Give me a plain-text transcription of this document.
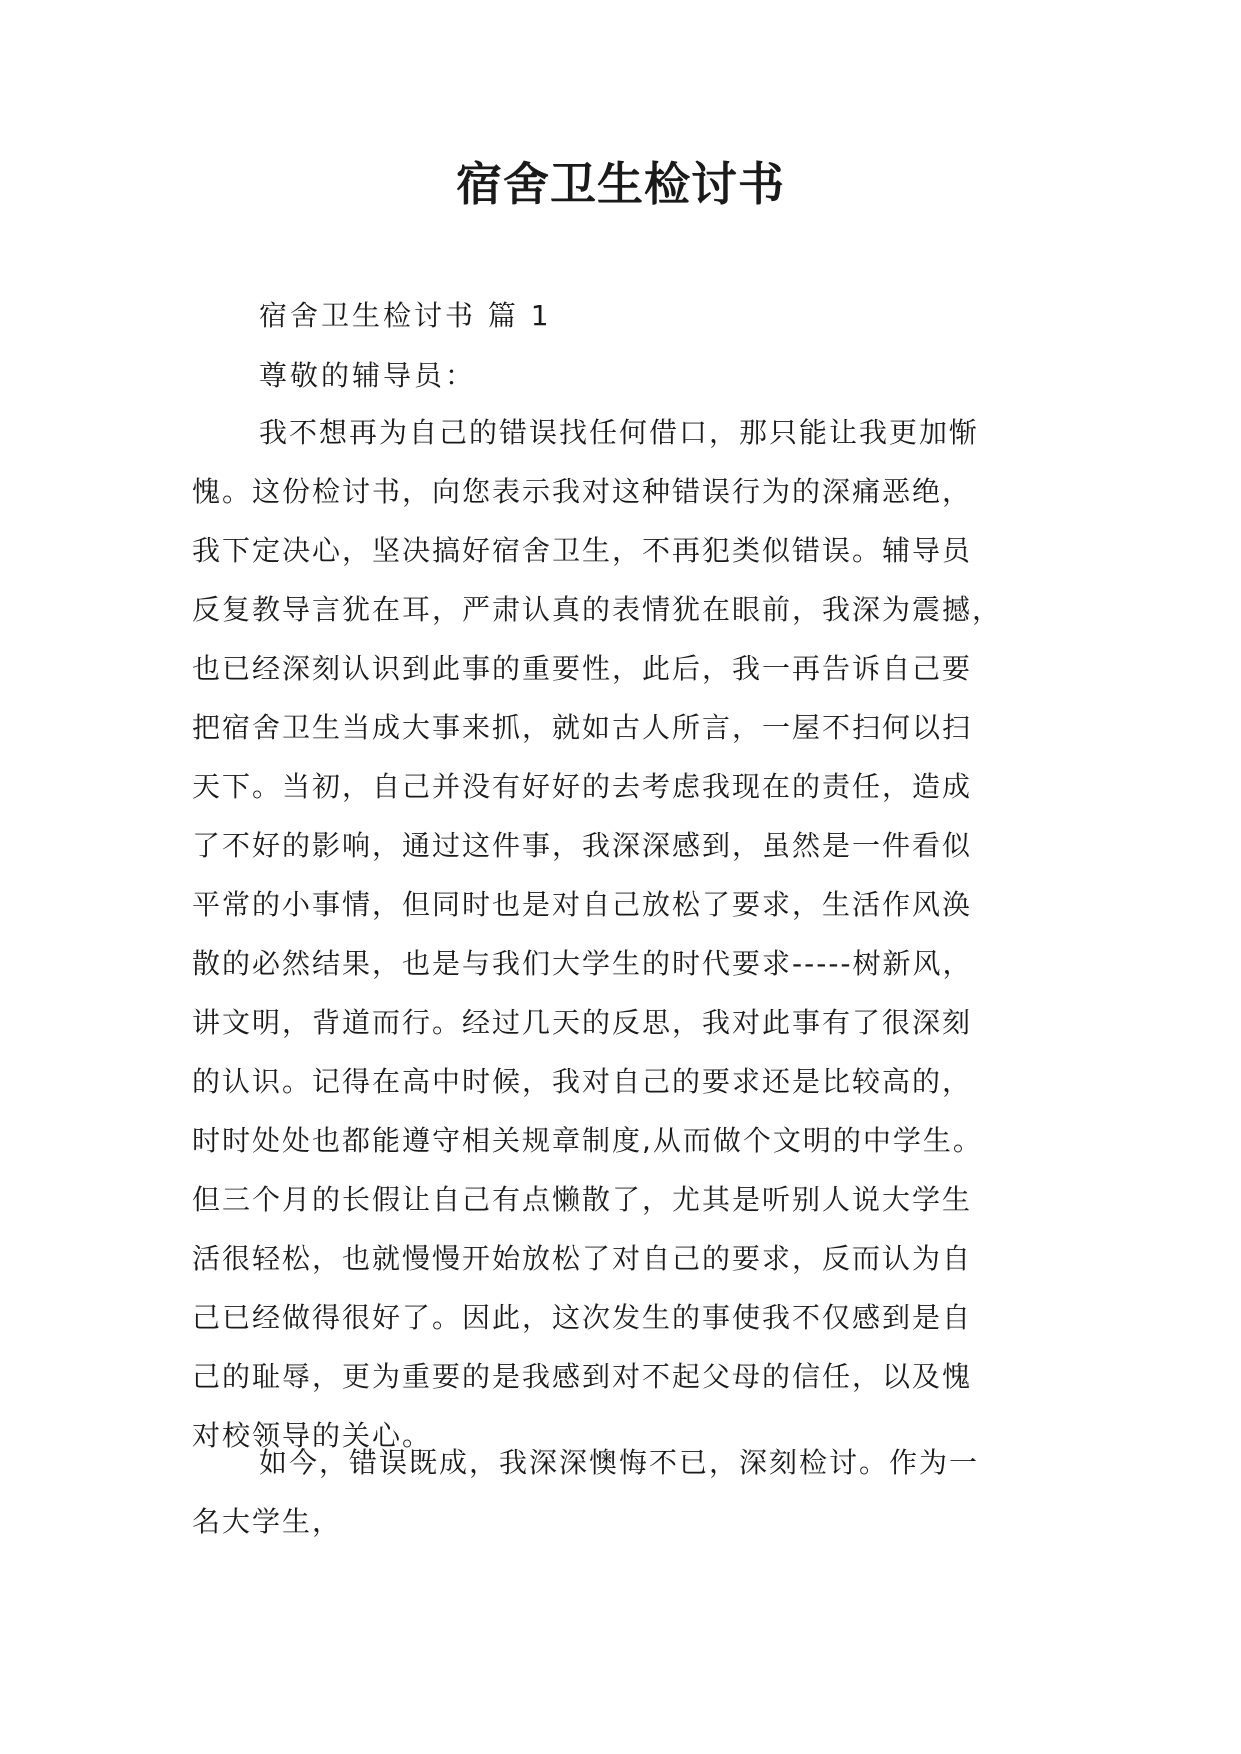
宿舍卫生检讨书
宿舍卫生检讨书 篇 1
尊敬的辅导员：
我不想再为自己的错误找任何借口，那只能让我更加惭
愧。这份检讨书，向您表示我对这种错误行为的深痛恶绝，
我下定决心，坚决搞好宿舍卫生，不再犯类似错误。辅导员
反复教导言犹在耳，严肃认真的表情犹在眼前，我深为震撼，
也已经深刻认识到此事的重要性，此后，我一再告诉自己要
把宿舍卫生当成大事来抓，就如古人所言，一屋不扫何以扫
天下。当初，自己并没有好好的去考虑我现在的责任，造成
了不好的影响，通过这件事，我深深感到，虽然是一件看似
平常的小事情，但同时也是对自己放松了要求，生活作风涣
散的必然结果，也是与我们大学生的时代要求-----树新风，
讲文明，背道而行。经过几天的反思，我对此事有了很深刻
的认识。记得在高中时候，我对自己的要求还是比较高的，
时时处处也都能遵守相关规章制度,从而做个文明的中学生。
但三个月的长假让自己有点懒散了，尤其是听别人说大学生
活很轻松，也就慢慢开始放松了对自己的要求，反而认为自
己已经做得很好了。因此，这次发生的事使我不仅感到是自
己的耻辱，更为重要的是我感到对不起父母的信任，以及愧
对校领导的关心。
如今，错误既成，我深深懊悔不已，深刻检讨。作为一
名大学生，
